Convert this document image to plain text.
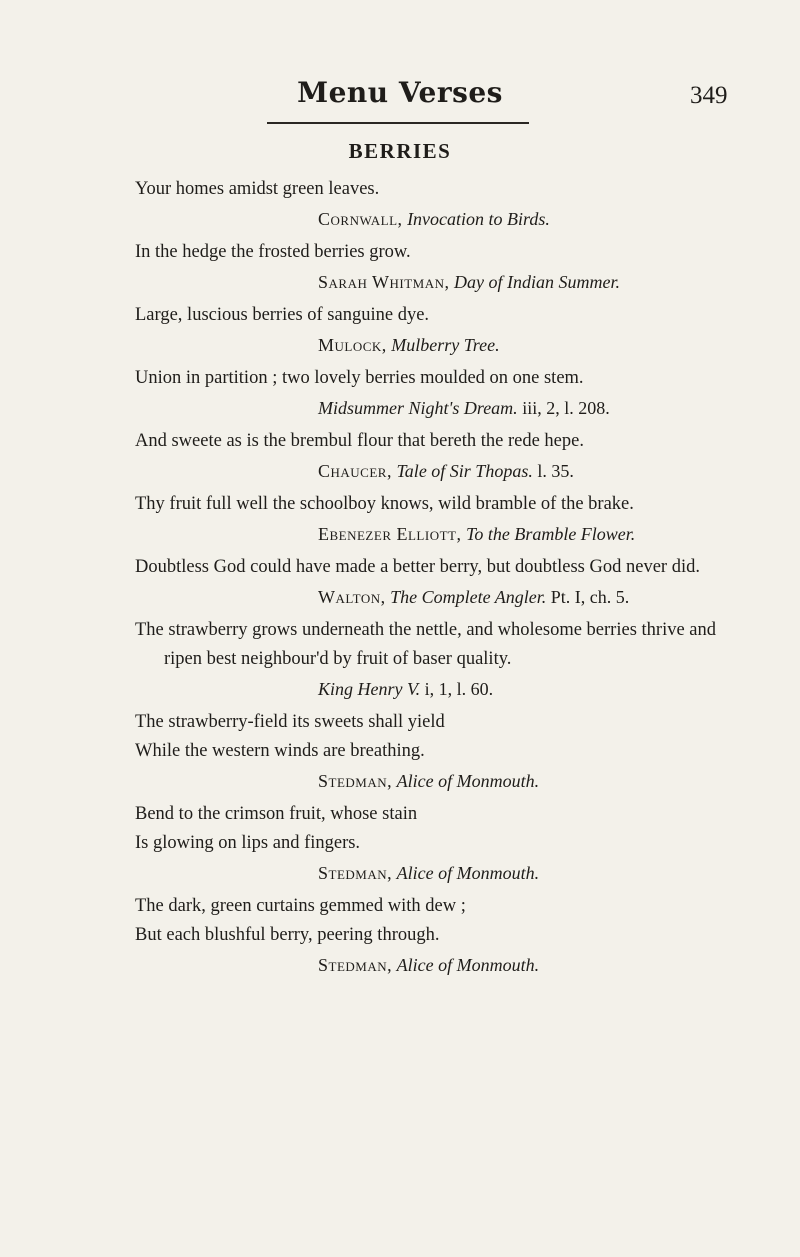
Menu Verses	349
BERRIES
Your homes amidst green leaves.
Cornwall, Invocation to Birds.
In the hedge the frosted berries grow.
Sarah Whitman, Day of Indian Summer.
Large, luscious berries of sanguine dye.
Mulock, Mulberry Tree.
Union in partition ; two lovely berries moulded on one stem.
Midsummer Night's Dream. iii, 2, l. 208.
And sweete as is the brembul flour that bereth the rede hepe.
Chaucer, Tale of Sir Thopas. l. 35.
Thy fruit full well the schoolboy knows, wild bramble of the brake.
Ebenezer Elliott, To the Bramble Flower.
Doubtless God could have made a better berry, but doubtless God never did.
Walton, The Complete Angler. Pt. I, ch. 5.
The strawberry grows underneath the nettle, and wholesome berries thrive and ripen best neighbour'd by fruit of baser quality.
King Henry V. i, 1, l. 60.
The strawberry-field its sweets shall yield
While the western winds are breathing.
Stedman, Alice of Monmouth.
Bend to the crimson fruit, whose stain
Is glowing on lips and fingers.
Stedman, Alice of Monmouth.
The dark, green curtains gemmed with dew ;
But each blushful berry, peering through.
Stedman, Alice of Monmouth.
